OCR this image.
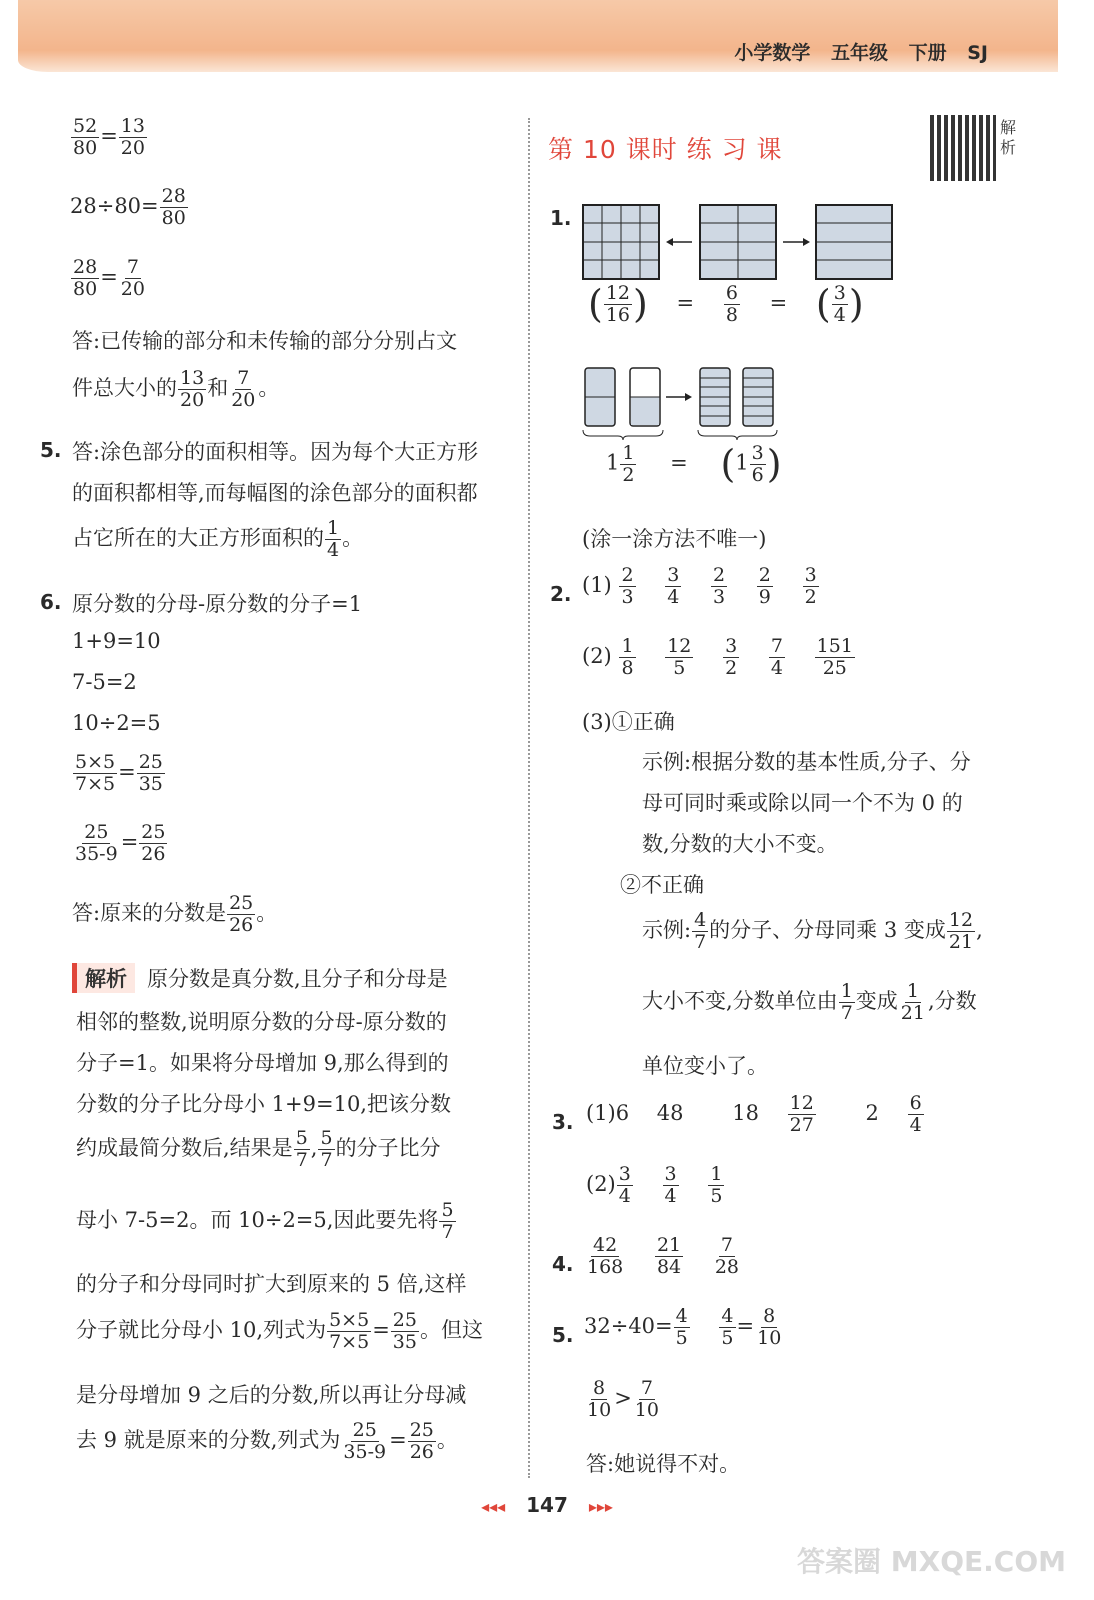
小学数学 五年级 下册 SJ
$\frac{52}{80} = \frac{13}{20}$
$28\div 80= \frac{28}{80}$
$\frac{28}{80} = \frac{7}{20}$
答:已传输的部分和未传输的部分分别占文
件总大小的 $\frac{13}{20}$ 和 $\frac{7}{20}$ 。
5. 答:涂色部分的面积相等。因为每个大正方形
的面积都相等,而每幅图的涂色部分的面积都
占它所在的大正方形面积的 $\frac{1}{4}$ 。
6. 原分数的分母-原分数的分子=1
1+9=10
7-5=2
10÷2=5
$\frac{5\times 5}{7\times 5} = \frac{25}{35}$
$\frac{25}{35-9} = \frac{25}{26}$
答:原来的分数是 $\frac{25}{26}$ 。
解析 原分数是真分数,且分子和分母是
相邻的整数,说明原分数的分母-原分数的
分子=1。如果将分母增加 9,那么得到的
分数的分子比分母小 1+9=10,把该分数
约成最简分数后,结果是 $\frac{5}{7}$ , $\frac{5}{7}$ 的分子比分
母小 7-5=2。而 10÷2=5,因此要先将 $\frac{5}{7}$
的分子和分母同时扩大到原来的 5 倍,这样
分子就比分母小 10,列式为 $\frac{5\times 5}{7\times 5} = \frac{25}{35}$ 。但这
是分母增加 9 之后的分数,所以再让分母减
去 9 就是原来的分数,列式为 $\frac{25}{35-9} = \frac{25}{26}$ 。
第 10 课时 练 习 课
解析
1.
( $\frac{12}{16}$ ) = $\frac{6}{8}$ = ( $\frac{3}{4}$ )
$1 \frac{1}{2} = (1 \frac{3}{6}$ )
(涂一涂方法不唯一)
2. $(1) \frac{2}{3}$
  $\frac{3}{4}$
  $\frac{2}{3}$
  $\frac{2}{9}$
  $\frac{3}{2}$
$(2) \frac{1}{8}$
  $\frac{12}{5}$
  $\frac{3}{2}$
  $\frac{7}{4}$
  $\frac{151}{25}$
(3)①正确
示例:根据分数的基本性质,分子、分
母可同时乘或除以同一个不为 0 的
数,分数的大小不变。
②不正确
示例: $\frac{4}{7}$ 的分子、分母同乘 3 变成 $\frac{12}{21}$ ,
大小不变,分数单位由 $\frac{1}{7}$ 变成 $\frac{1}{21}$ ,分数
单位变小了。
3. (1)6  48   18  $\frac{12}{27}$
   2  $\frac{6}{4}$
$(2) \frac{3}{4}$
  $\frac{3}{4}$
  $\frac{1}{5}$
4. $\frac{42}{168}$
  $\frac{21}{84}$
  $\frac{7}{28}$
5. $32\div 40= \frac{4}{5}$
  $\frac{4}{5} = \frac{8}{10}$
$\frac{8}{10} > \frac{7}{10}$
答:她说得不对。
◂◂◂ 147 ▸▸▸
答案圈 MXQE.COM
